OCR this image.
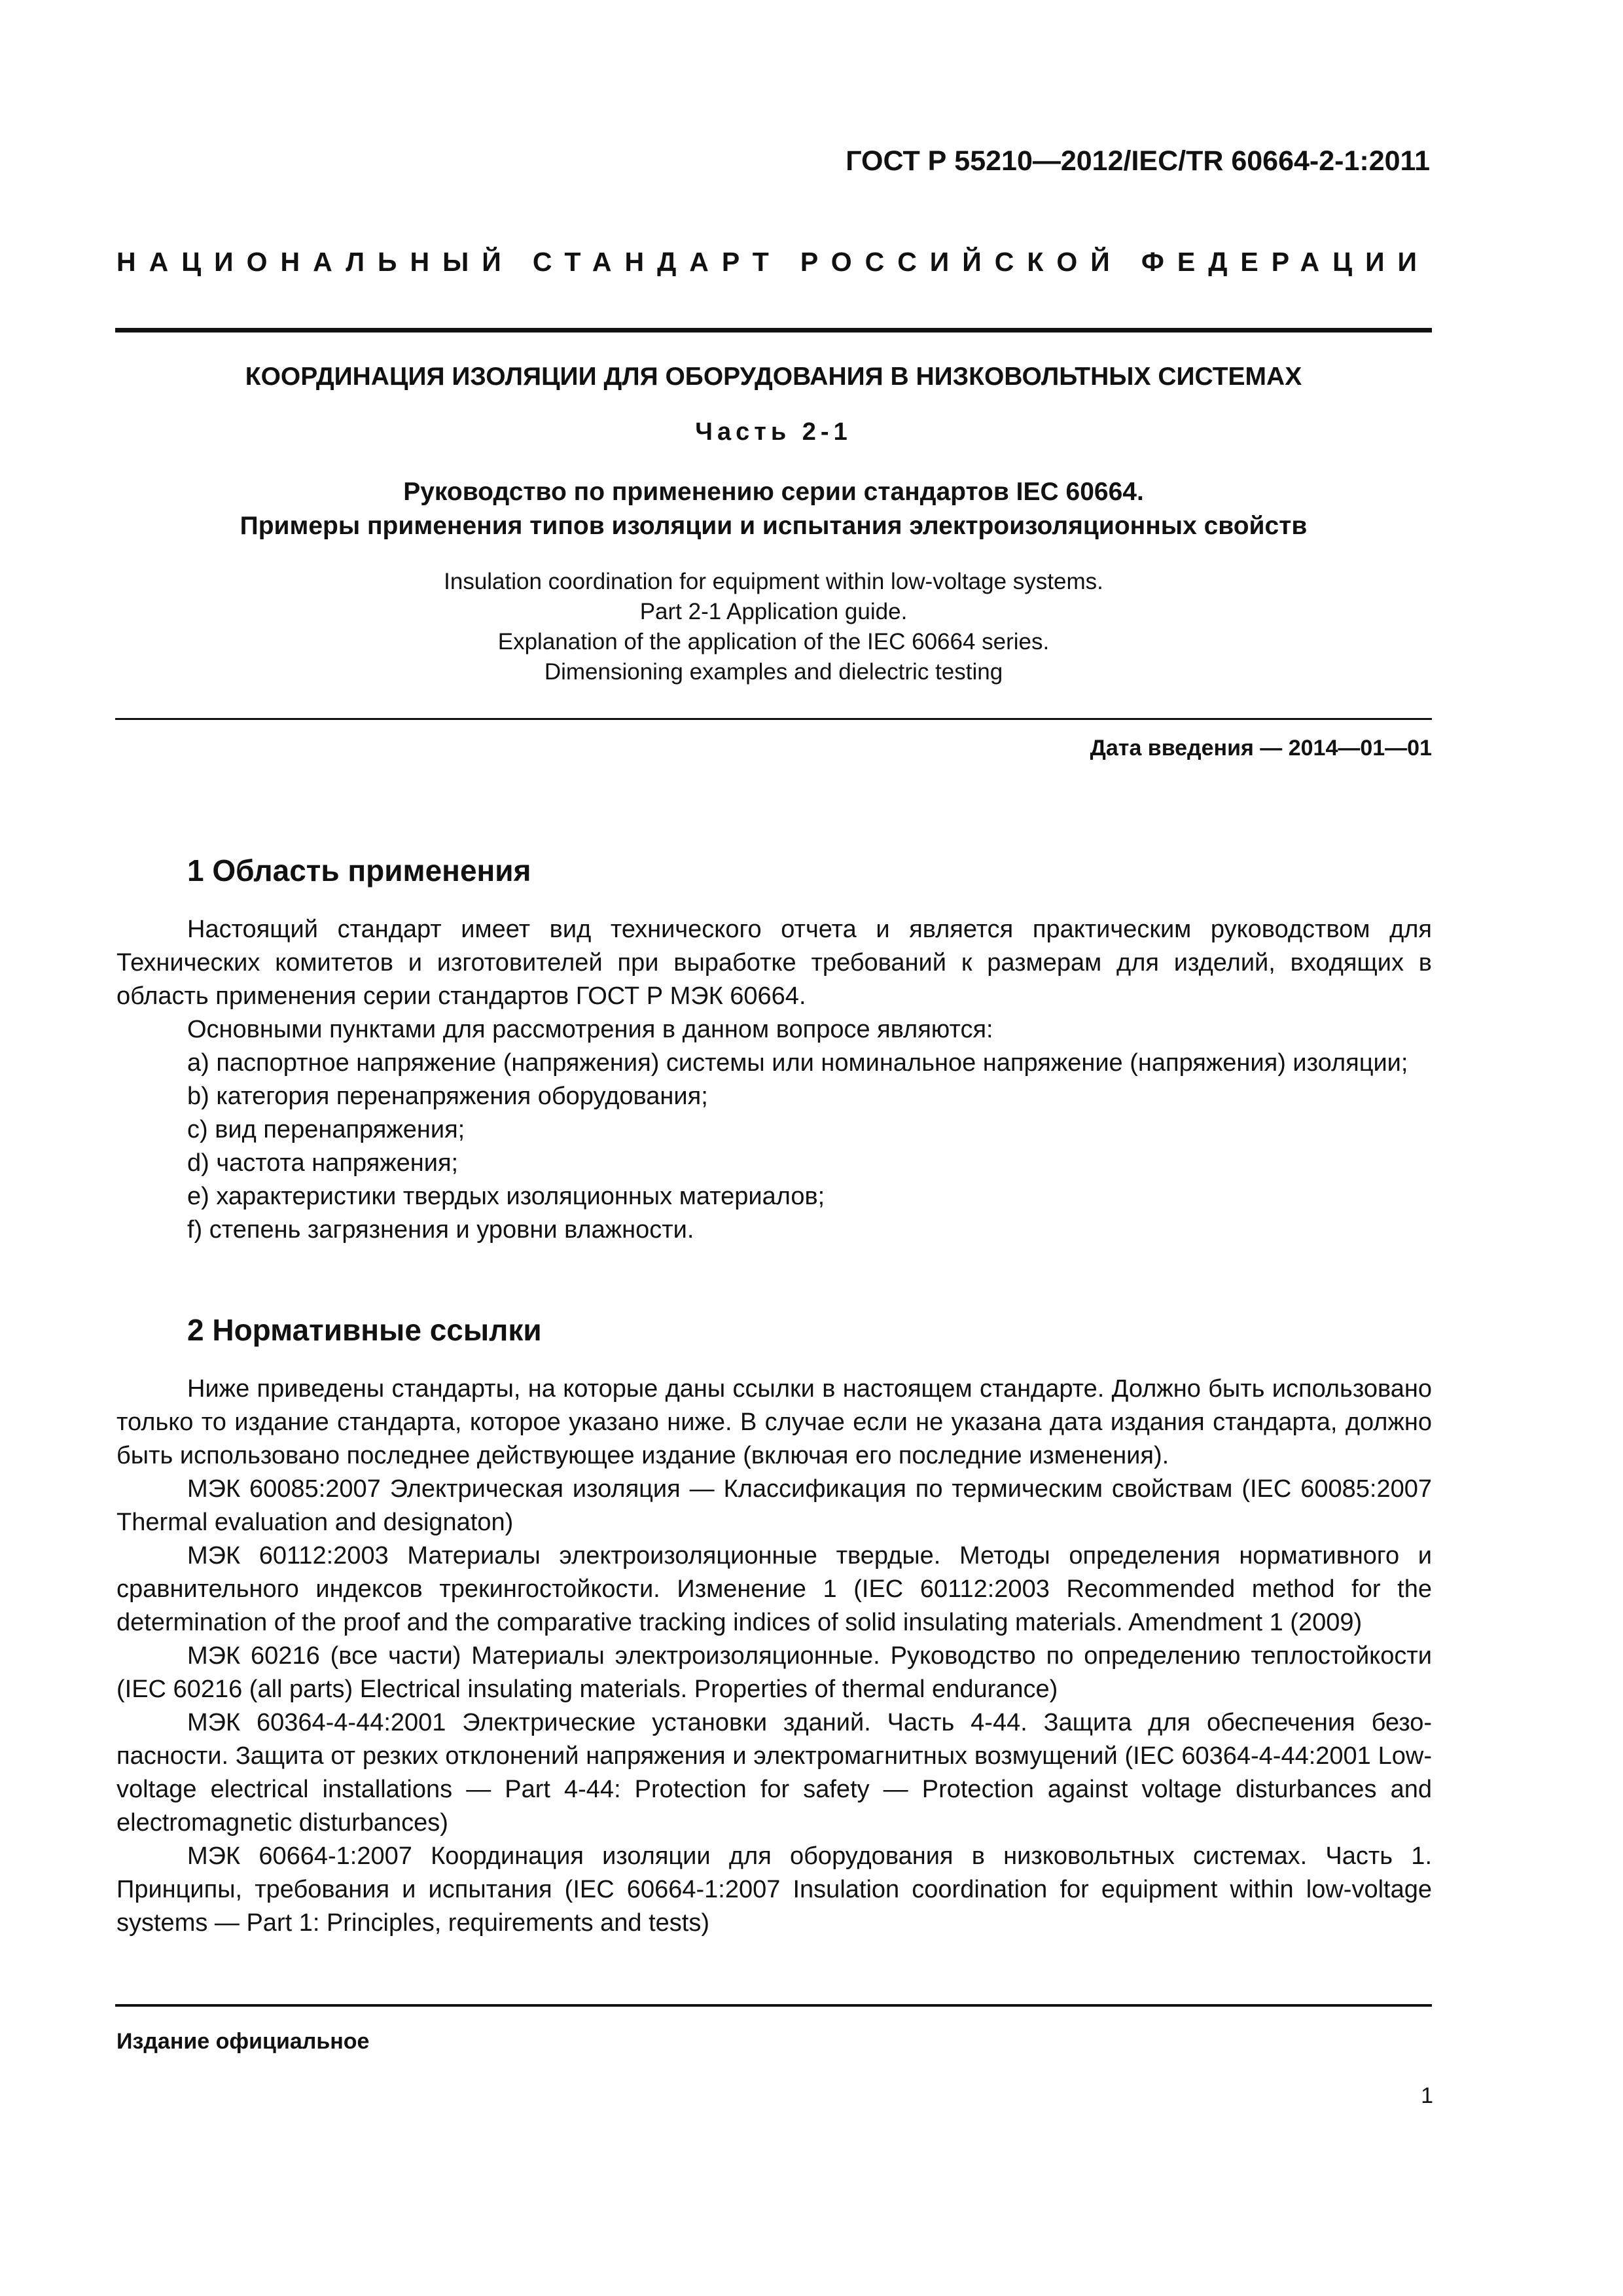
ГОСТ Р 55210—2012/IEC/TR 60664-2-1:2011
НАЦИОНАЛЬНЫЙ СТАНДАРТ РОССИЙСКОЙ ФЕДЕРАЦИИ
КООРДИНАЦИЯ ИЗОЛЯЦИИ ДЛЯ ОБОРУДОВАНИЯ В НИЗКОВОЛЬТНЫХ СИСТЕМАХ
Часть 2-1
Руководство по применению серии стандартов IEC 60664.
Примеры применения типов изоляции и испытания электроизоляционных свойств
Insulation coordination for equipment within low-voltage systems.
Part 2-1 Application guide.
Explanation of the application of the IEC 60664 series.
Dimensioning examples and dielectric testing
Дата введения — 2014—01—01
1 Область применения

Настоящий стандарт имеет вид технического отчета и является практическим руководством для Технических комитетов и изготовителей при выработке требований к размерам для изделий, входящих в область применения серии стандартов ГОСТ Р МЭК 60664.

Основными пунктами для рассмотрения в данном вопросе являются:

a) паспортное напряжение (напряжения) системы или номинальное напряжение (напряжения) изоляции;

b) категория перенапряжения оборудования;

c) вид перенапряжения;

d) частота напряжения;

e) характеристики твердых изоляционных материалов;

f) степень загрязнения и уровни влажности.

2 Нормативные ссылки

Ниже приведены стандарты, на которые даны ссылки в настоящем стандарте. Должно быть использовано только то издание стандарта, которое указано ниже. В случае если не указана дата издания стандарта, должно быть использовано последнее действующее издание (включая его последние изменения).

МЭК 60085:2007 Электрическая изоляция — Классификация по термическим свойствам (IEC 60085:2007 Thermal evaluation and designaton)

МЭК 60112:2003 Материалы электроизоляционные твердые. Методы определения нормативного и сравнительного индексов трекингостойкости. Изменение 1 (IEC 60112:2003 Recommended method for the determination of the proof and the comparative tracking indices of solid insulating materials. Amendment 1 (2009)

МЭК 60216 (все части) Материалы электроизоляционные. Руководство по определению теплостойкости (IEC 60216 (all parts) Electrical insulating materials. Properties of thermal endurance)

МЭК 60364-4-44:2001 Электрические установки зданий. Часть 4-44. Защита для обеспечения безопасности. Защита от резких отклонений напряжения и электромагнитных возмущений (IEC 60364-4-44:2001 Low-voltage electrical installations — Part 4-44: Protection for safety — Protection against voltage disturbances and electromagnetic disturbances)

МЭК 60664-1:2007 Координация изоляции для оборудования в низковольтных системах. Часть 1. Принципы, требования и испытания (IEC 60664-1:2007 Insulation coordination for equipment within low-voltage systems — Part 1: Principles, requirements and tests)

Издание официальное
1
